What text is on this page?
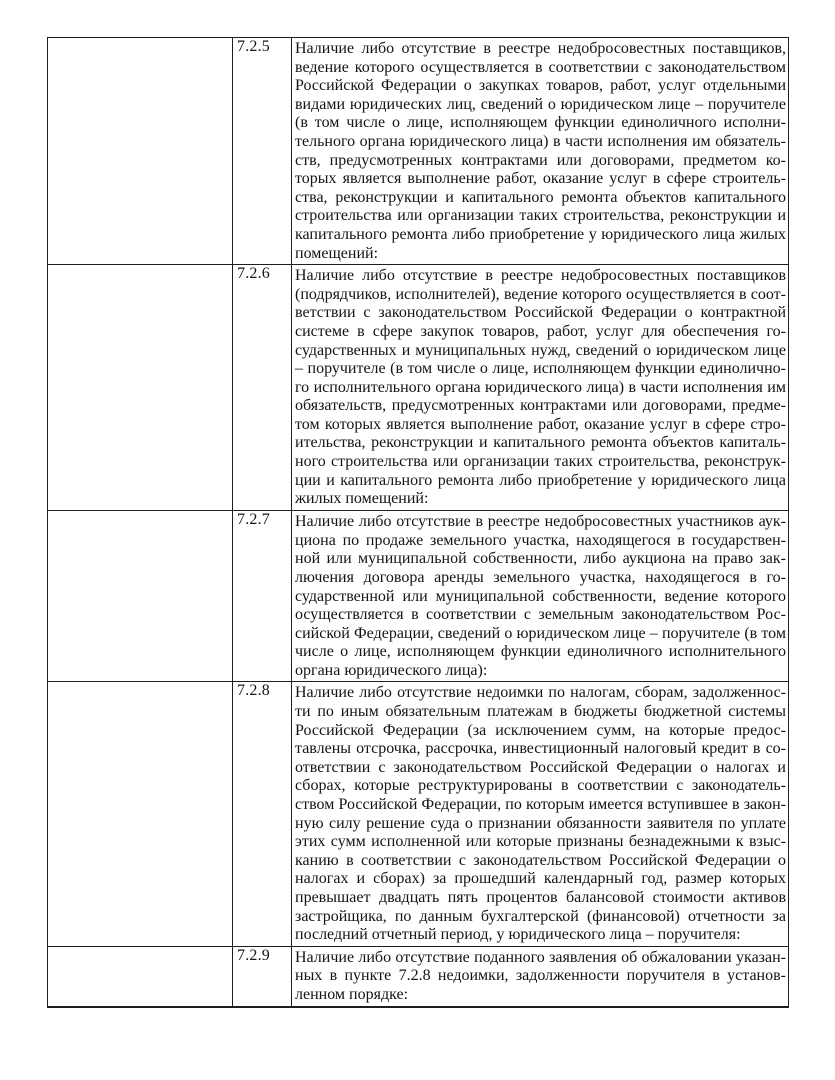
	7.2.5	Наличие либо отсутствие в реестре недобросовестных поставщиков,
ведение которого осуществляется в соответствии с законодательством
Российской Федерации о закупках товаров, работ, услуг отдельными
видами юридических лиц, сведений о юридическом лице – поручителе
(в том числе о лице, исполняющем функции единоличного исполни-
тельного органа юридического лица) в части исполнения им обязатель-
ств, предусмотренных контрактами или договорами, предметом ко-
торых является выполнение работ, оказание услуг в сфере строитель-
ства, реконструкции и капитального ремонта объектов капитального
строительства или организации таких строительства, реконструкции и
капитального ремонта либо приобретение у юридического лица жилых
помещений:

	7.2.6	Наличие либо отсутствие в реестре недобросовестных поставщиков
(подрядчиков, исполнителей), ведение которого осуществляется в соот-
ветствии с законодательством Российской Федерации о контрактной
системе в сфере закупок товаров, работ, услуг для обеспечения го-
сударственных и муниципальных нужд, сведений о юридическом лице
– поручителе (в том числе о лице, исполняющем функции единолично-
го исполнительного органа юридического лица) в части исполнения им
обязательств, предусмотренных контрактами или договорами, предме-
том которых является выполнение работ, оказание услуг в сфере стро-
ительства, реконструкции и капитального ремонта объектов капиталь-
ного строительства или организации таких строительства, реконструк-
ции и капитального ремонта либо приобретение у юридического лица
жилых помещений:

	7.2.7	Наличие либо отсутствие в реестре недобросовестных участников аук-
циона по продаже земельного участка, находящегося в государствен-
ной или муниципальной собственности, либо аукциона на право зак-
лючения договора аренды земельного участка, находящегося в го-
сударственной или муниципальной собственности, ведение которого
осуществляется в соответствии с земельным законодательством Рос-
сийской Федерации, сведений о юридическом лице – поручителе (в том
числе о лице, исполняющем функции единоличного исполнительного
органа юридического лица):

	7.2.8	Наличие либо отсутствие недоимки по налогам, сборам, задолженнос-
ти по иным обязательным платежам в бюджеты бюджетной системы
Российской Федерации (за исключением сумм, на которые предос-
тавлены отсрочка, рассрочка, инвестиционный налоговый кредит в со-
ответствии с законодательством Российской Федерации о налогах и
сборах, которые реструктурированы в соответствии с законодатель-
ством Российской Федерации, по которым имеется вступившее в закон-
ную силу решение суда о признании обязанности заявителя по уплате
этих сумм исполненной или которые признаны безнадежными к взыс-
канию в соответствии с законодательством Российской Федерации о
налогах и сборах) за прошедший календарный год, размер которых
превышает двадцать пять процентов балансовой стоимости активов
застройщика, по данным бухгалтерской (финансовой) отчетности за
последний отчетный период, у юридического лица – поручителя:

	7.2.9	Наличие либо отсутствие поданного заявления об обжаловании указан-
ных в пункте 7.2.8 недоимки, задолженности поручителя в установ-
ленном порядке:
